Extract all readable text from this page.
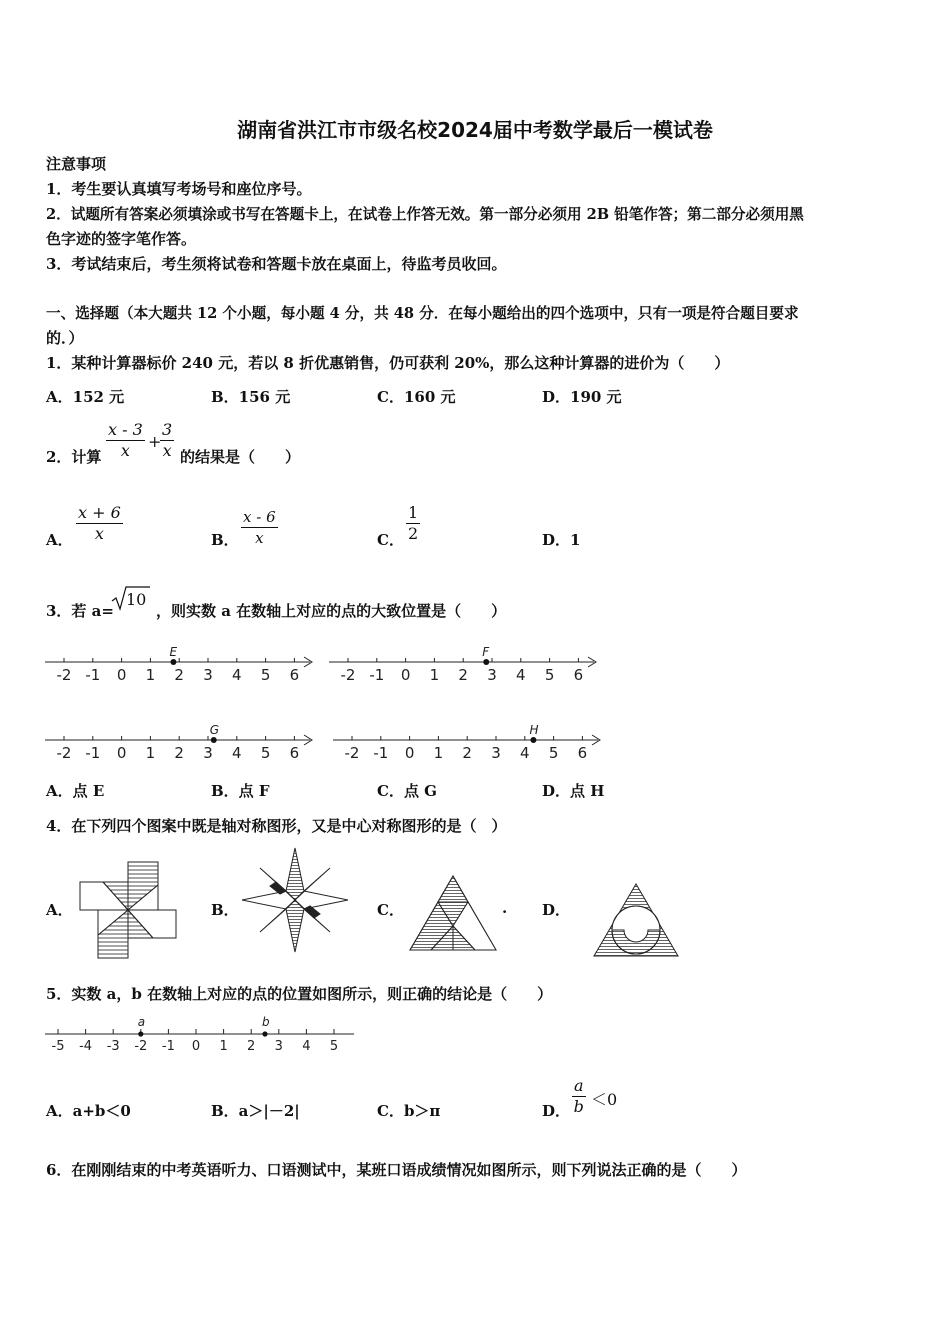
湖南省洪江市市级名校2024届中考数学最后一模试卷
注意事项
1．考生要认真填写考场号和座位序号。
2．试题所有答案必须填涂或书写在答题卡上，在试卷上作答无效。第一部分必须用 2B 铅笔作答；第二部分必须用黑
色字迹的签字笔作答。
3．考试结束后，考生须将试卷和答题卡放在桌面上，待监考员收回。
一、选择题（本大题共 12 个小题，每小题 4 分，共 48 分．在每小题给出的四个选项中，只有一项是符合题目要求
的．）
1．某种计算器标价 240 元，若以 8 折优惠销售，仍可获利 20%，那么这种计算器的进价为（　　）
A．152 元	B．156 元	C．160 元	D．190 元
2．计算 $\frac{x - 3}{x}$ +
$\frac{3}{x}$ 的结果是（　　）
A． $\frac{x + 6}{x}$	B． $\frac{x - 6}{x}$	C． $\frac{1}{2}$	D．1
3．若 a=
10
，则实数 a 在数轴上对应的点的大致位置是（　　）
-2 -1 0 1 2 3 4 5 6
E
-2 -1 0 1 2 3 4 5 6
F
-2 -1 0 1 2 3 4 5 6
G
-2 -1 0 1 2 3 4 5 6
H
A．点 E	B．点 F	C．点 G	D．点 H
4．在下列四个图案中既是轴对称图形，又是中心对称图形的是（　）
A．	B．	C．	. D．
5．实数 a，b 在数轴上对应的点的位置如图所示，则正确的结论是（　　）
-5 -4 -3 -2 -1 0 1 2 3 4 5
a	b
A．a+b＜0	B．a＞|－2|	C．b＞π	D． $\frac{a}{b} <0$
6．在刚刚结束的中考英语听力、口语测试中，某班口语成绩情况如图所示，则下列说法正确的是（　　）
